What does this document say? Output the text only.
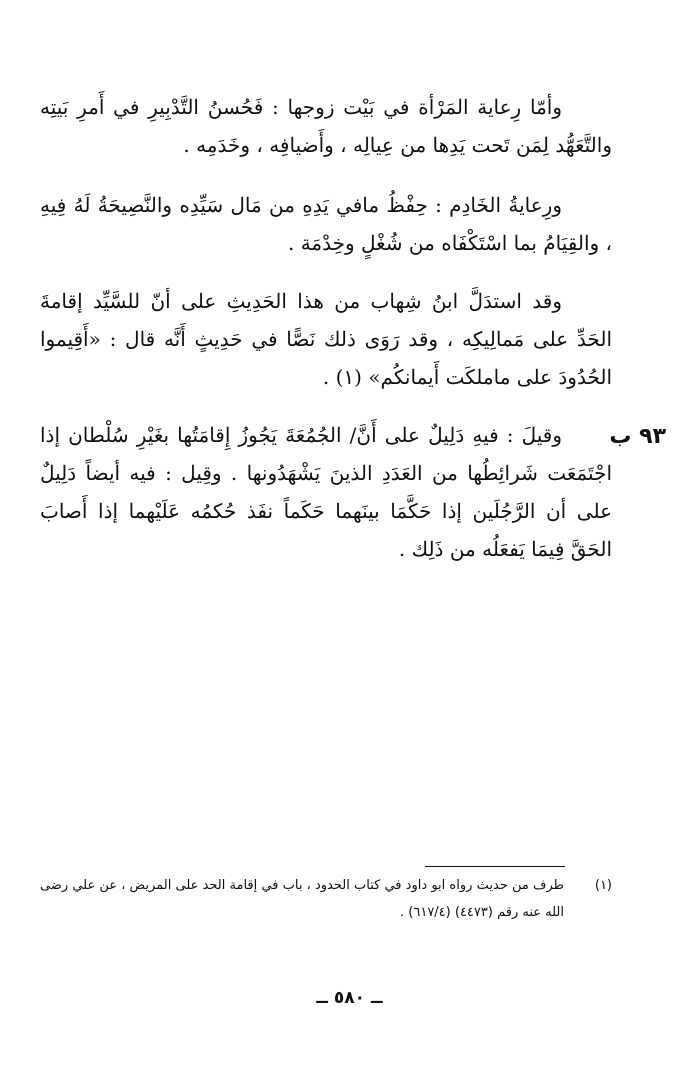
وأمّا رِعاية المَرْأة في بَيْت زوجها : فَحُسنُ التَّدْبِيرِ في أَمرِ بَيتِه والتَّعَهُّد لِمَن تَحت يَدِها من عِيالِه ، وأَضيافِه ، وخَدَمِه .

ورِعايةُ الخَادِم : حِفْظُ مافي يَدِهِ من مَال سَيِّدِه والنَّصِيحَةُ لَهُ فِيهِ ، والقِيَامُ بما اسْتَكْفَاه من شُغْلٍ وخِدْمَة .

وقد استدَلَّ ابنُ شِهاب من هذا الحَدِيثِ على أنّ للسَّيِّد إقامةَ الحَدِّ على مَمالِيكِه ، وقد رَوَى ذلك نَصًّا في حَدِيثٍ أَنَّه قال : «أَقِيموا الحُدُودَ على ماملكَت أَيمانكُم» (١) .

٩٣ ب

وقيلَ : فيهِ دَلِيلٌ على أَنَّ/ الجُمُعَةَ يَجُوزُ إِقامَتُها بغَيْرِ سُلْطان إذا اجْتَمَعَت شَرائِطُها من العَدَدِ الذينَ يَشْهَدُونها . وقِيل : فيه أيضاً دَلِيلٌ على أن الرَّجُلَين إذا حَكَّمَا بينَهما حَكَماً نفَذ حُكمُه عَلَيْهما إذا أَصابَ الحَقَّ فِيمَا يَفعَلُه من ذَلِك .

(١)
طرف من حديث رواه ابو داود في كتاب الحدود ، باب في إقامة الحد على المريض ، عن علي رضى الله عنه رقم (٤٤٧٣) (٦١٧/٤) .
ــ ٥٨٠ ــ
